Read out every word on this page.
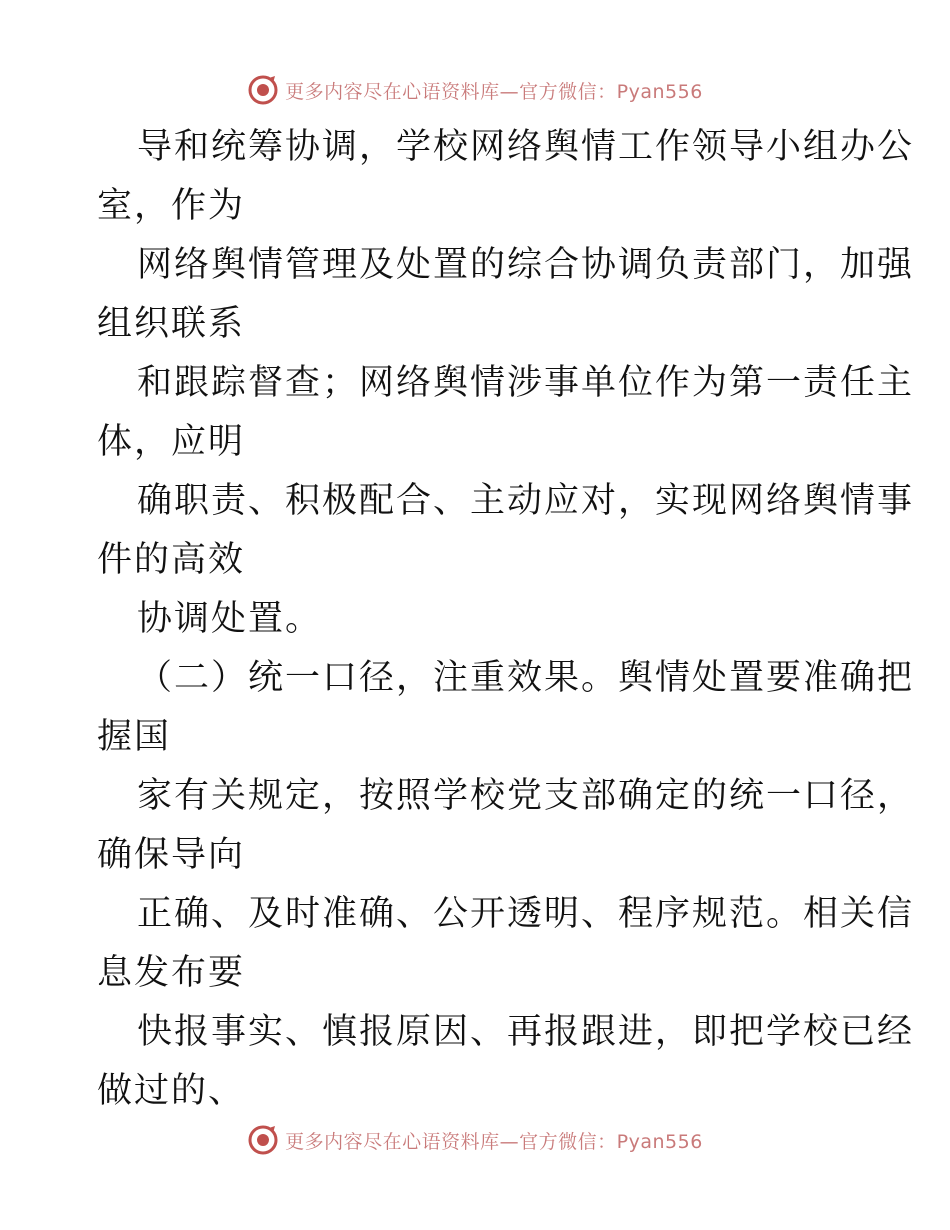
更多内容尽在心语资料库—官方微信：Pyan556
导和统筹协调，学校网络舆情工作领导小组办公
室，作为
网络舆情管理及处置的综合协调负责部门，加强
组织联系
和跟踪督查；网络舆情涉事单位作为第一责任主
体，应明
确职责、积极配合、主动应对，实现网络舆情事
件的高效
协调处置。
（二）统一口径，注重效果。舆情处置要准确把
握国
家有关规定，按照学校党支部确定的统一口径，
确保导向
正确、及时准确、公开透明、程序规范。相关信
息发布要
快报事实、慎报原因、再报跟进，即把学校已经
做过的、
更多内容尽在心语资料库—官方微信：Pyan556
